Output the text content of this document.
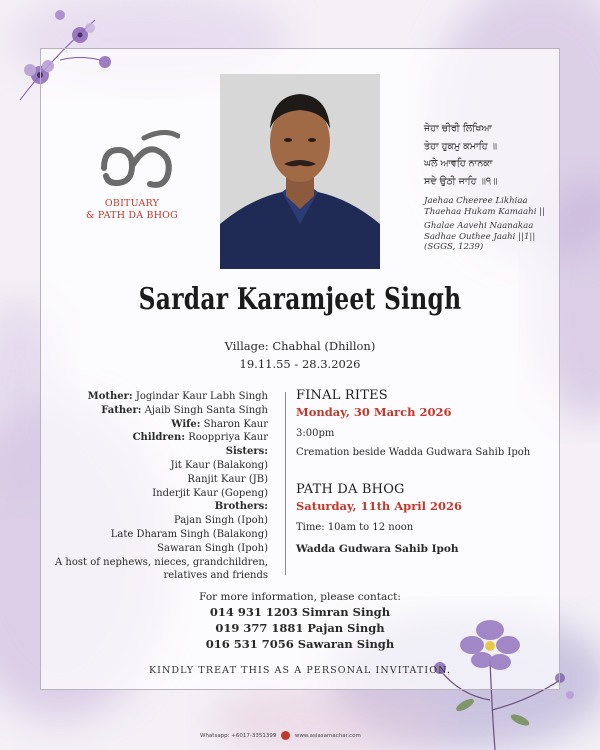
OBITUARY
& PATH DA BHOG
ਜੇਹਾ ਚੀਰੀ ਲਿਖਿਆ
ਤੇਹਾ ਹੁਕਮੁ ਕਮਾਹਿ ॥
ਘਲੇ ਆਵਹਿ ਨਾਨਕਾ
ਸਦੇ ਉਠੀ ਜਾਹਿ ॥੧॥

Jaehaa Cheeree Likhiaa Thaehaa Hukam Kamaahi ||

Ghalae Aavehi Naanakaa Sadhae Outhee Jaahi ||1|| (SGGS, 1239)

Sardar Karamjeet Singh
Village: Chabhal (Dhillon)
19.11.55 - 28.3.2026
Mother: Jogindar Kaur Labh Singh
Father: Ajaib Singh Santa Singh
Wife: Sharon Kaur
Children: Rooppriya Kaur
Sisters:
Jit Kaur (Balakong)
Ranjit Kaur (JB)
Inderjit Kaur (Gopeng)
Brothers:
Pajan Singh (Ipoh)
Late Dharam Singh (Balakong)
Sawaran Singh (Ipoh)
A host of nephews, nieces, grandchildren,
relatives and friends
FINAL RITES
Monday, 30 March 2026
3:00pm
Cremation beside Wadda Gudwara Sahib Ipoh
PATH DA BHOG
Saturday, 11th April 2026
Time: 10am to 12 noon
Wadda Gudwara Sahib Ipoh
For more information, please contact:
014 931 1203 Simran Singh
019 377 1881 Pajan Singh
016 531 7056 Sawaran Singh
KINDLY TREAT THIS AS A PERSONAL INVITATION.
Whatsapp: +6017-3351399	www.asiasamachar.com
